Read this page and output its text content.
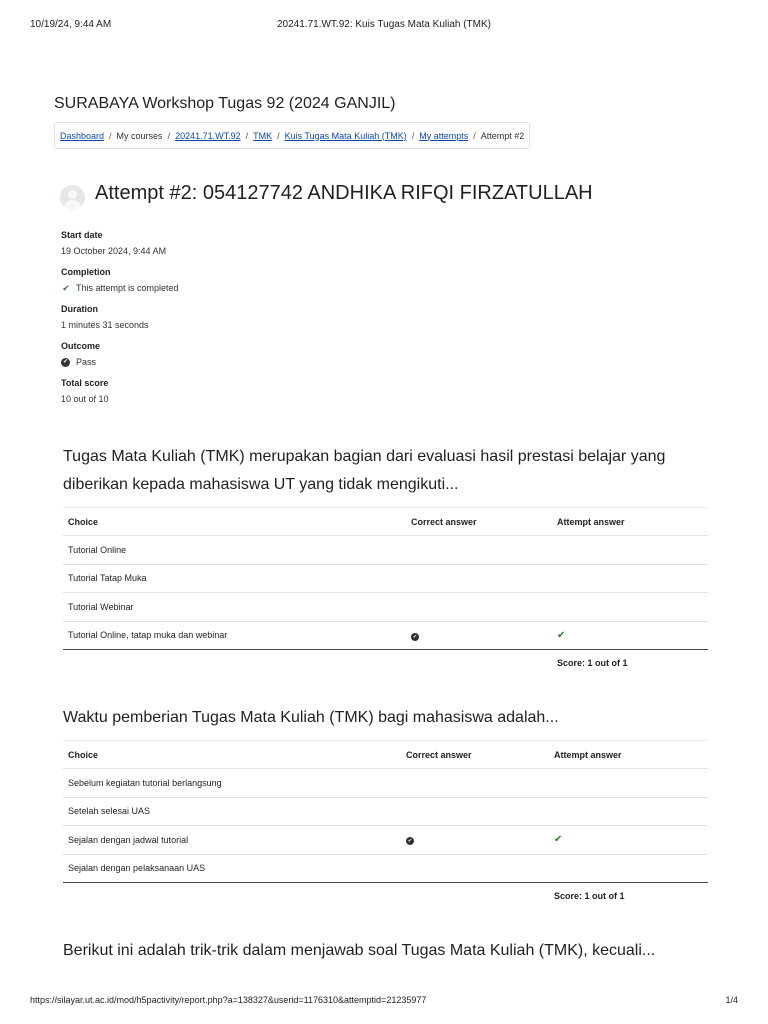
10/19/24, 9:44 AM	20241.71.WT.92: Kuis Tugas Mata Kuliah (TMK)
SURABAYA Workshop Tugas 92 (2024 GANJIL)
Dashboard / My courses / 20241.71.WT.92 / TMK / Kuis Tugas Mata Kuliah (TMK) / My attempts / Attempt #2
Attempt #2: 054127742 ANDHIKA RIFQI FIRZATULLAH
Start date
19 October 2024, 9:44 AM
Completion
✔ This attempt is completed
Duration
1 minutes 31 seconds
Outcome
✔ Pass
Total score
10 out of 10
Tugas Mata Kuliah (TMK) merupakan bagian dari evaluasi hasil prestasi belajar yang diberikan kepada mahasiswa UT yang tidak mengikuti...
Choice	Correct answer	Attempt answer
Tutorial Online		
Tutorial Tatap Muka		
Tutorial Webinar		
Tutorial Online, tatap muka dan webinar	✔	✔
Score: 1 out of 1
Waktu pemberian Tugas Mata Kuliah (TMK) bagi mahasiswa adalah...
Choice	Correct answer	Attempt answer
Sebelum kegiatan tutorial berlangsung		
Setelah selesai UAS		
Sejalan dengan jadwal tutorial	✔	✔
Sejalan dengan pelaksanaan UAS		
Score: 1 out of 1
Berikut ini adalah trik-trik dalam menjawab soal Tugas Mata Kuliah (TMK), kecuali...
https://silayar.ut.ac.id/mod/h5pactivity/report.php?a=138327&userid=1176310&attemptid=21235977	1/4
